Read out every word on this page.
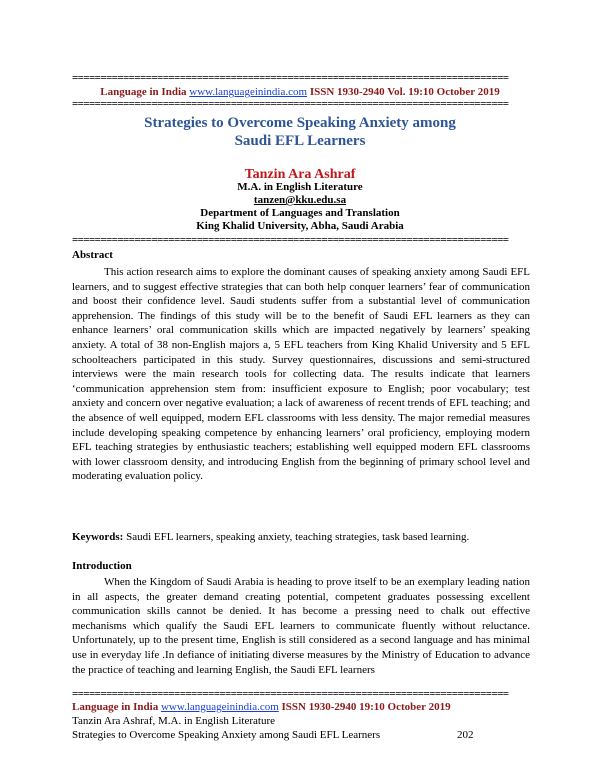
=============================================================================
Language in India www.languageinindia.com ISSN 1930-2940 Vol. 19:10 October 2019
=============================================================================
Strategies to Overcome Speaking Anxiety among
Saudi EFL Learners
Tanzin Ara Ashraf
M.A. in English Literature
tanzen@kku.edu.sa
Department of Languages and Translation
King Khalid University, Abha, Saudi Arabia
=============================================================================
Abstract
This action research aims to explore the dominant causes of speaking anxiety among Saudi EFL learners, and to suggest effective strategies that can both help conquer learners’ fear of communication and boost their confidence level. Saudi students suffer from a substantial level of communication apprehension. The findings of this study will be to the benefit of Saudi EFL learners as they can enhance learners’ oral communication skills which are impacted negatively by learners’ speaking anxiety. A total of 38 non-English majors a, 5 EFL teachers from King Khalid University and 5 EFL schoolteachers participated in this study. Survey questionnaires, discussions and semi-structured interviews were the main research tools for collecting data. The results indicate that learners ‘communication apprehension stem from: insufficient exposure to English; poor vocabulary; test anxiety and concern over negative evaluation; a lack of awareness of recent trends of EFL teaching; and the absence of well equipped, modern EFL classrooms with less density. The major remedial measures include developing speaking competence by enhancing learners’ oral proficiency, employing modern EFL teaching strategies by enthusiastic teachers; establishing well equipped modern EFL classrooms with lower classroom density, and introducing English from the beginning of primary school level and moderating evaluation policy.
Keywords: Saudi EFL learners, speaking anxiety, teaching strategies, task based learning.
Introduction
When the Kingdom of Saudi Arabia is heading to prove itself to be an exemplary leading nation in all aspects, the greater demand creating potential, competent graduates possessing excellent communication skills cannot be denied. It has become a pressing need to chalk out effective mechanisms which qualify the Saudi EFL learners to communicate fluently without reluctance. Unfortunately, up to the present time, English is still considered as a second language and has minimal use in everyday life .In defiance of initiating diverse measures by the Ministry of Education to advance the practice of teaching and learning English, the Saudi EFL learners
=============================================================================
Language in India www.languageinindia.com ISSN 1930-2940 19:10 October 2019
Tanzin Ara Ashraf, M.A. in English Literature
Strategies to Overcome Speaking Anxiety among Saudi EFL Learners	202
